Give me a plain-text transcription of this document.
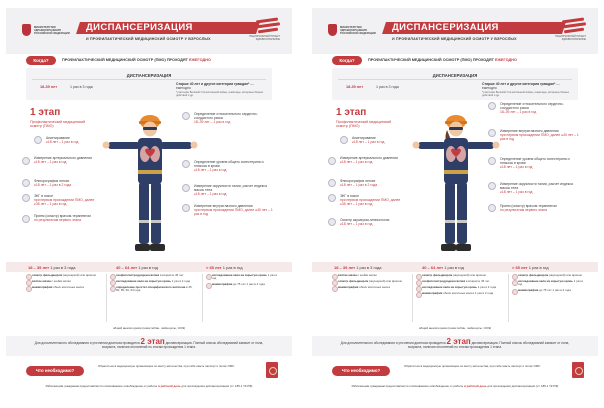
МИНИСТЕРСТВО
ЗДРАВООХРАНЕНИЯ
РОССИЙСКОЙ ФЕДЕРАЦИИ ДИСПАНСЕРИЗАЦИЯ
И ПРОФИЛАКТИЧЕСКИЙ МЕДИЦИНСКИЙ ОСМОТР У ВЗРОСЛЫХ
НАЦИОНАЛЬНЫЙ ПРОЕКТ
ЗДРАВООХРАНЕНИЕ
Когда?	ПРОФИЛАКТИЧЕСКИЙ МЕДИЦИНСКИЙ ОСМОТР (ПМО) ПРОХОДЯТ ЕЖЕГОДНО
ДИСПАНСЕРИЗАЦИЯ
18-39 лет	1 раз в 3 года
Старше 40 лет и другие категории граждан* — ежегодно
*участники Великой Отечественной войны, инвалиды, ветераны боевых действий и др.
1 этап
Профилактический медицинский осмотр (ПМО)
Анкетирование
≥18 лет – 1 раз в год
Измерение артериального давления
≥18 лет – 1 раз в год
Флюорография легких
≥18 лет – 1 раз в 2 года
ЭКГ в покое
при первом прохождении ПМО, далее ≥35 лет – 1 раз в год
Прием (осмотр) врачом-терапевтом
по результатам первого этапа
Определение относительного сердечно-сосудистого риска
18–39 лет – 1 раз в год
Определение уровня общего холестерина и глюкозы в крови
≥18 лет – 1 раз в год
Измерение окружности талии, расчет индекса массы тела
≥18 лет – 1 раз в год
Измерение внутриглазного давления
при первом прохождении ПМО, далее ≥40 лет – 1 раз в год
18 – 39 лет 1 раз в 3 года	40 – 64 лет 1 раз в год	> 65 лет 1 раз в год
осмотр фельдшером (акушеркой) или врачом
взятие мазка с шейки матки
маммография обеих молочных желез
эзофагогастродуоденоскопия в возрасте 45 лет
исследование кала на скрытую кровь 1 раз в 2 года
определение простат-специфического антигена в 45, 50, 55, 60, 64 года
исследование кала на скрытую кровь 1 раз в год
маммография до 75 лет 1 раз в 2 года
общий анализ крови (гемоглобин, лейкоциты, СОЭ)
Для дополнительного обследования и уточнения диагноза проводится 2 этап диспансеризации. Полный список обследований зависит от пола, возраста, наличия отклонений по итогам прохождения 1 этапа.
Что необходимо?
Обратиться в медицинскую организацию по месту жительства, при себе иметь паспорт и полис ОМС
Работающим гражданам предоставляется оплачиваемое освобождение от работы в рабочий день для прохождения диспансеризации (ст. 185.1 ТК РФ)
МИНИСТЕРСТВО
ЗДРАВООХРАНЕНИЯ
РОССИЙСКОЙ ФЕДЕРАЦИИ ДИСПАНСЕРИЗАЦИЯ
И ПРОФИЛАКТИЧЕСКИЙ МЕДИЦИНСКИЙ ОСМОТР У ВЗРОСЛЫХ
НАЦИОНАЛЬНЫЙ ПРОЕКТ
ЗДРАВООХРАНЕНИЕ
Когда?	ПРОФИЛАКТИЧЕСКИЙ МЕДИЦИНСКИЙ ОСМОТР (ПМО) ПРОХОДЯТ ЕЖЕГОДНО
ДИСПАНСЕРИЗАЦИЯ
18-39 лет	1 раз в 3 года
Старше 40 лет и другие категории граждан* — ежегодно
*участники Великой Отечественной войны, инвалиды, ветераны боевых действий и др.
1 этап
Профилактический медицинский осмотр (ПМО)
Анкетирование
≥18 лет – 1 раз в год
Измерение артериального давления
≥18 лет – 1 раз в год
Флюорография легких
≥18 лет – 1 раз в 2 года
ЭКГ в покое
при первом прохождении ПМО, далее ≥35 лет – 1 раз в год
Осмотр акушером-гинекологом
≥18 лет – 1 раз в год
Определение относительного сердечно-сосудистого риска
18–39 лет – 1 раз в год
Измерение внутриглазного давления
при первом прохождении ПМО, далее ≥40 лет – 1 раз в год
Определение уровня общего холестерина и глюкозы в крови
≥18 лет – 1 раз в год
Измерение окружности талии, расчет индекса массы тела
≥18 лет – 1 раз в год
Прием (осмотр) врачом-терапевтом
по результатам первого этапа
18 – 39 лет 1 раз в 3 года	40 – 64 лет 1 раз в год	> 65 лет 1 раз в год
взятие мазка с шейки матки
осмотр фельдшером (акушеркой) или врачом
маммография обеих молочных желез
осмотр фельдшером (акушеркой) или врачом
эзофагогастродуоденоскопия в возрасте 45 лет
исследование кала на скрытую кровь 1 раз в 2 года
маммография обеих молочных желез 1 раз в 2 года
осмотр фельдшером (акушеркой) или врачом
исследование кала на скрытую кровь 1 раз в год
маммография до 75 лет 1 раз в 2 года
общий анализ крови (гемоглобин, лейкоциты, СОЭ)
Для дополнительного обследования и уточнения диагноза проводится 2 этап диспансеризации. Полный список обследований зависит от пола, возраста, наличия отклонений по итогам прохождения 1 этапа.
Что необходимо?
Обратиться в медицинскую организацию по месту жительства, при себе иметь паспорт и полис ОМС
Работающим гражданам предоставляется оплачиваемое освобождение от работы в рабочий день для прохождения диспансеризации (ст. 185.1 ТК РФ)
